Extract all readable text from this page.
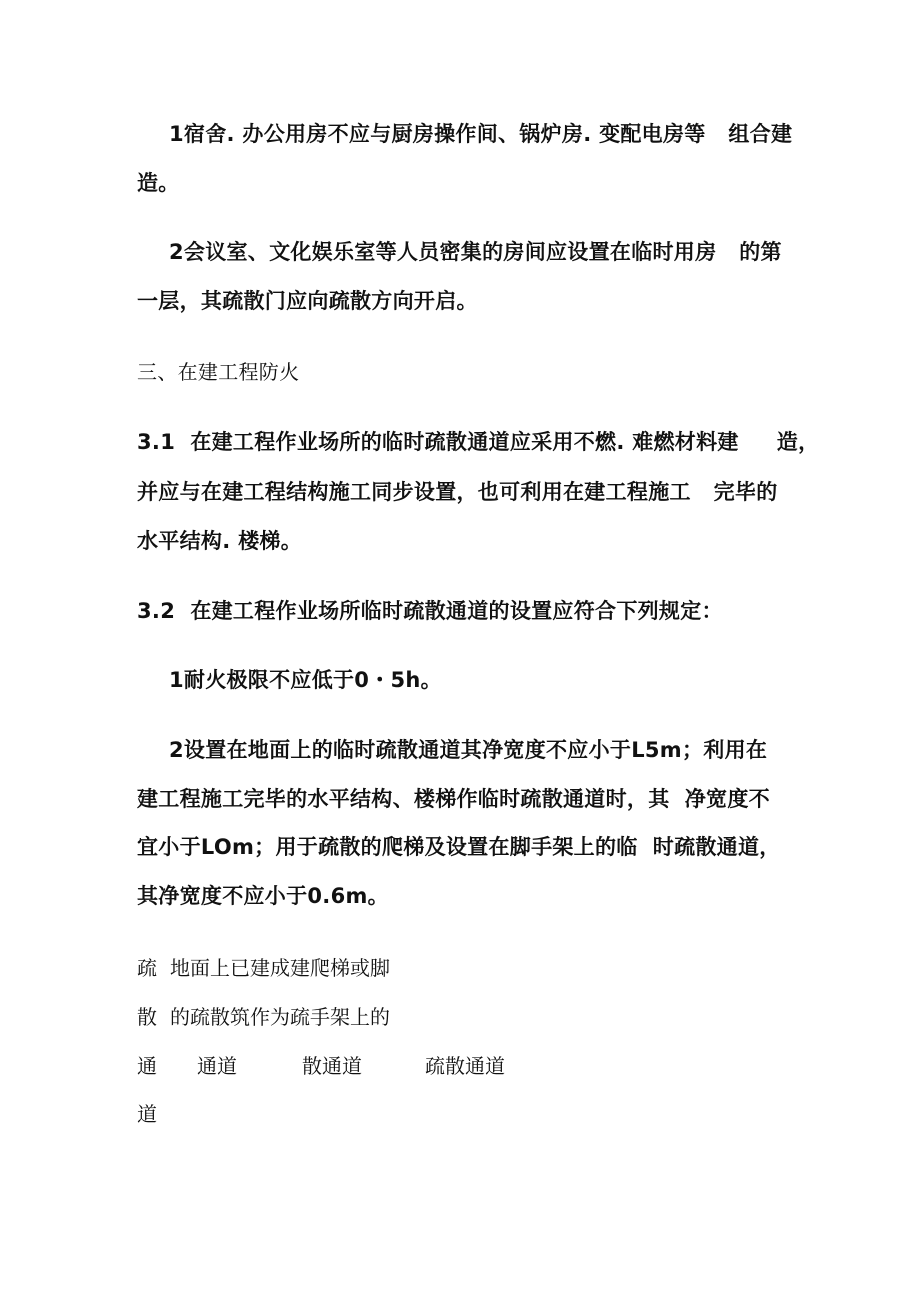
1宿舍. 办公用房不应与厨房操作间、锅炉房. 变配电房等   组合建
造。
2会议室、文化娱乐室等人员密集的房间应设置在临时用房   的第
一层，其疏散门应向疏散方向开启。
三、在建工程防火
3.1  在建工程作业场所的临时疏散通道应采用不燃. 难燃材料建     造，
并应与在建工程结构施工同步设置，也可利用在建工程施工   完毕的
水平结构. 楼梯。
3.2  在建工程作业场所临时疏散通道的设置应符合下列规定：
1耐火极限不应低于0・5h。
2设置在地面上的临时疏散通道其净宽度不应小于L5m；利用在
建工程施工完毕的水平结构、楼梯作临时疏散通道时，其  净宽度不
宜小于LOm；用于疏散的爬梯及设置在脚手架上的临  时疏散通道，
其净宽度不应小于0.6m。
疏
散
通
道
地面上已建成建爬梯或脚
的疏散筑作为疏手架上的
通道	散通道	疏散通道
